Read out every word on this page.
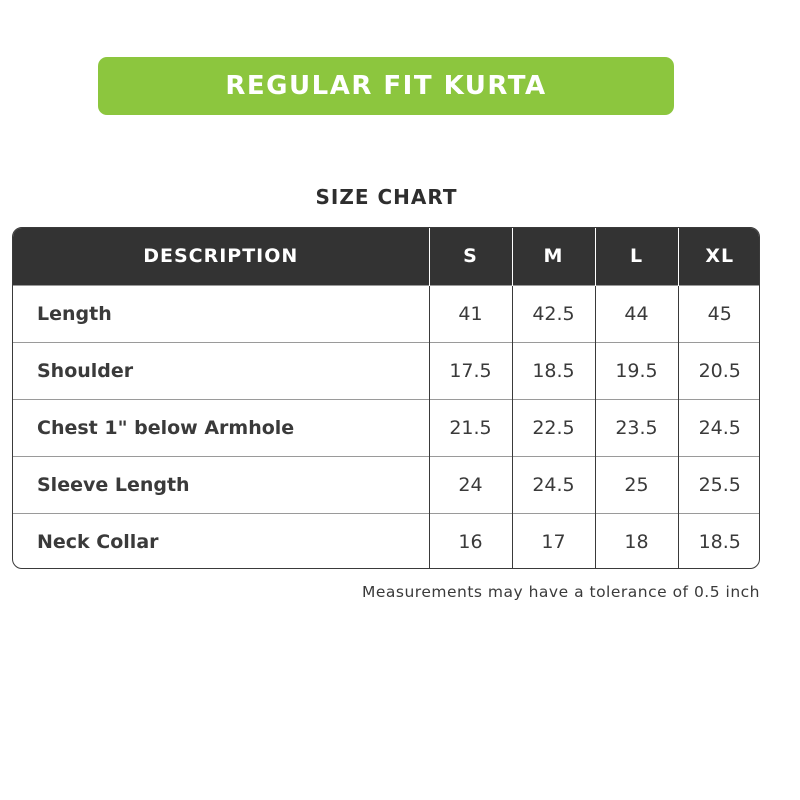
REGULAR FIT KURTA
SIZE CHART
DESCRIPTION	S	M	L	XL
Length	41	42.5	44	45
Shoulder	17.5	18.5	19.5	20.5
Chest 1" below Armhole	21.5	22.5	23.5	24.5
Sleeve Length	24	24.5	25	25.5
Neck Collar	16	17	18	18.5
Measurements may have a tolerance of 0.5 inch
